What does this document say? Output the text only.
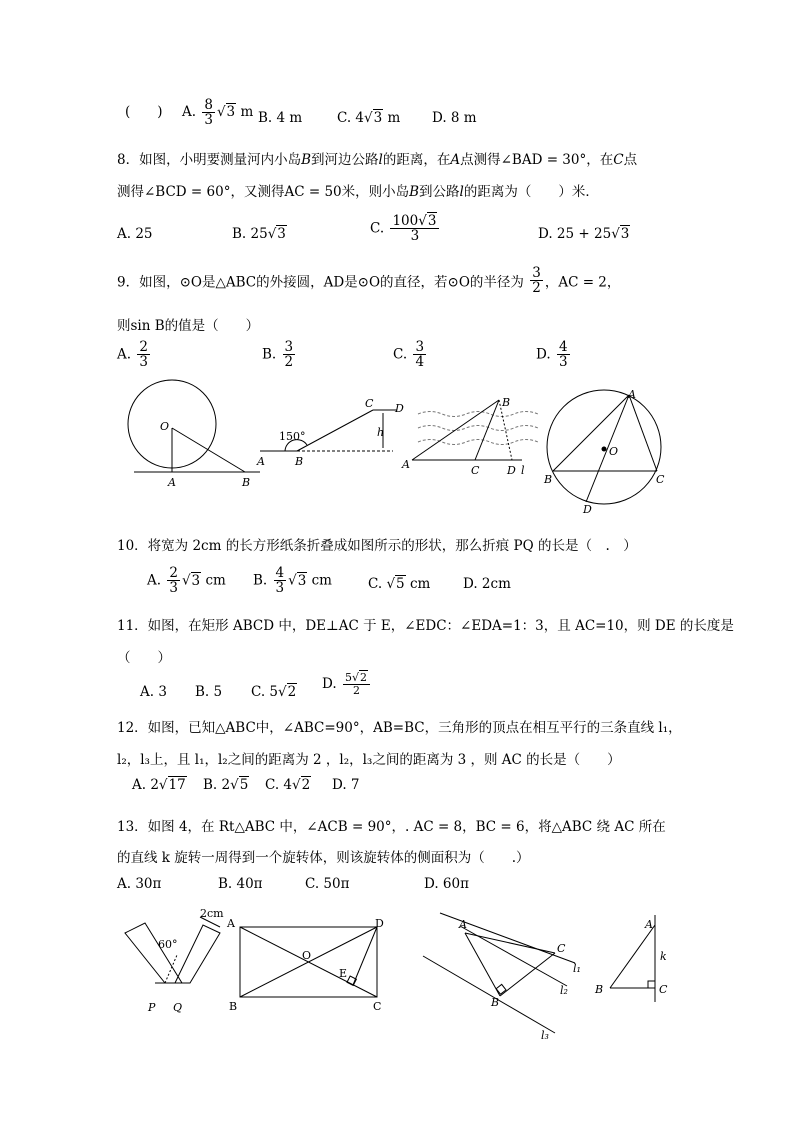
(　　) A. $\frac{8}{3} √3$ m B. 4 m	C. 4√3 m D. 8 m
8．如图，小明要测量河内小岛B到河边公路l的距离，在A点测得∠BAD = 30°，在C点
测得∠BCD = 60°，又测得AC = 50米，则小岛B到公路l的距离为（　　）米．
A. 25	B. 25√3	C. $\frac{100√3}{3}$	D. 25 + 25√3
9．如图，⊙O是△ABC的外接圆，AD是⊙O的直径，若⊙O的半径为 $\frac{3}{2}$ ，AC = 2，
则sin B的值是（　　）
A. $\frac{2}{3}$	B. $\frac{3}{2}$	C. $\frac{3}{4}$	D. $\frac{4}{3}$
O
A	B
150°
A	B
C D
h
A
B
C	D l
A
O
B	C
D
10．将宽为 2cm 的长方形纸条折叠成如图所示的形状，那么折痕 PQ 的长是（　.　）
A. $\frac{2}{3} √3$ cm B. $\frac{4}{3} √3$ cm	C. √5 cm D. 2cm
11．如图，在矩形 ABCD 中，DE⊥AC 于 E，∠EDC：∠EDA=1：3，且 AC=10，则 DE 的长度是
（　　）
A. 3 B. 5 C. 5√2 D. $\frac{5√2}{2}$
12．如图，已知△ABC中，∠ABC=90°，AB=BC，三角形的顶点在相互平行的三条直线 l₁，
l₂，l₃上，且 l₁，l₂之间的距离为 2 ，l₂，l₃之间的距离为 3 ，则 AC 的长是（　　）
A. 2√17 B. 2√5 C. 4√2 D. 7
13．如图 4，在 Rt△ABC 中，∠ACB = 90°，. AC = 8，BC = 6，将△ABC 绕 AC 所在
的直线 k 旋转一周得到一个旋转体，则该旋转体的侧面积为（　　.）
A. 30π	B. 40π	C. 50π	D. 60π
2cm
60°
P Q
A
B	C
D
O
E
A
B
C
l₁
l₂
l₃
A
B	C
k
